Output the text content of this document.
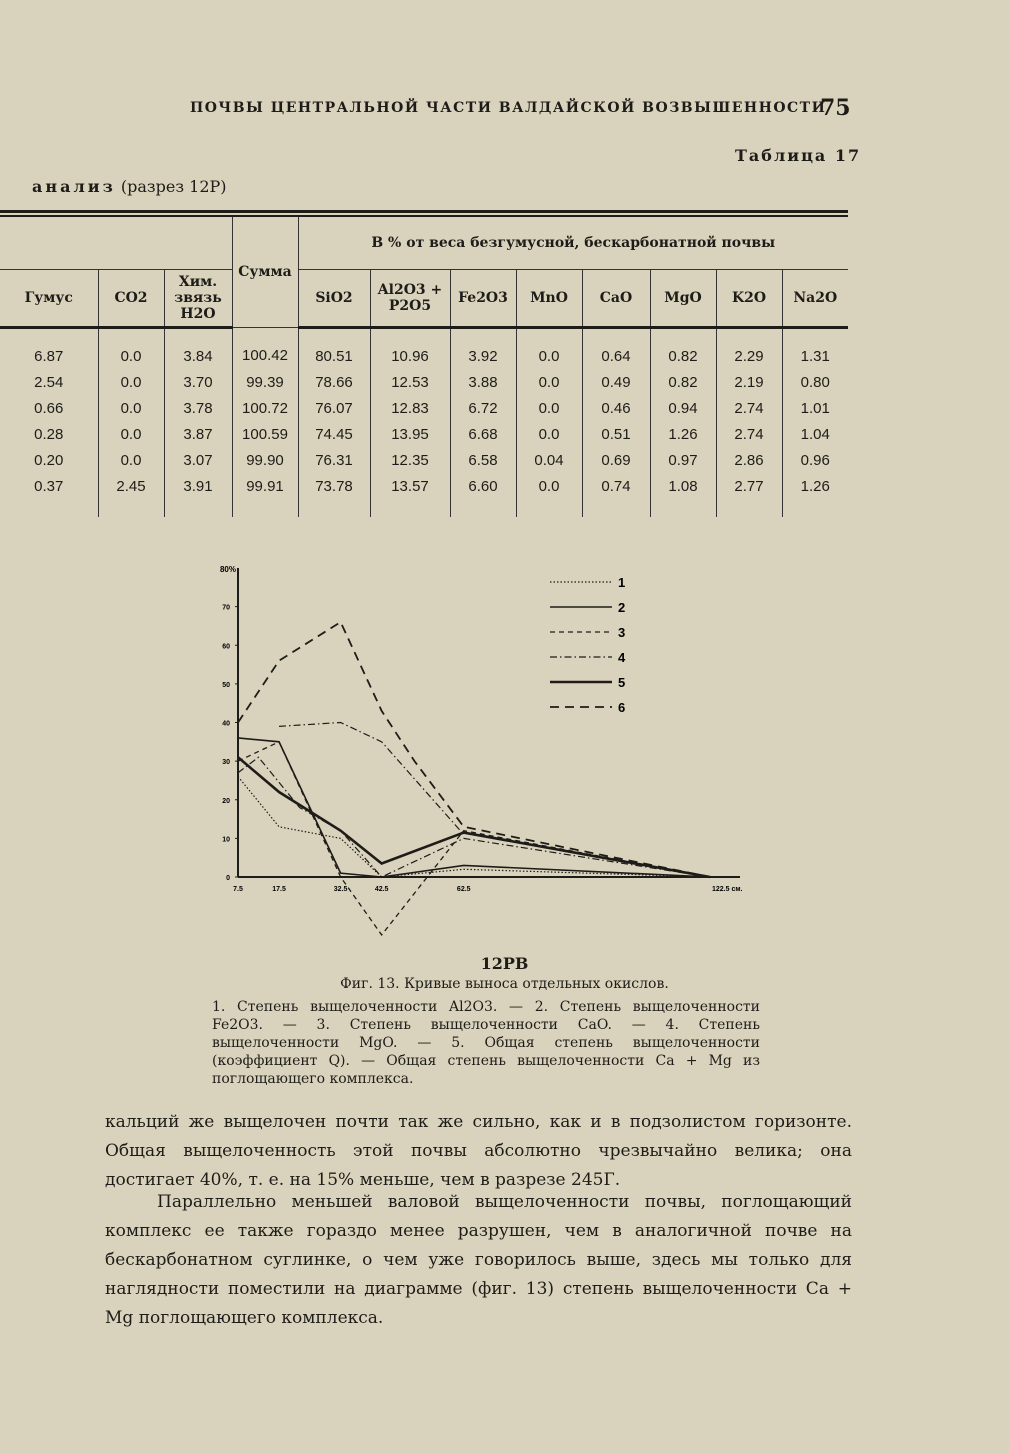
ПОЧВЫ ЦЕНТРАЛЬНОЙ ЧАСТИ ВАЛДАЙСКОЙ ВОЗВЫШЕННОСТИ
75
Таблица 17
анализ (разрез 12Р)
			Сумма	В % от веса безгумусной, бескарбонатной почвы							
Гумус	CO2	Хим. звязь H2O		SiO2	Al2O3 + P2O5	Fe2O3	MnO	CaO	MgO	K2O	Na2O
6.87	0.0	3.84	100.42	80.51	10.96	3.92	0.0	0.64	0.82	2.29	1.31
2.54	0.0	3.70	99.39	78.66	12.53	3.88	0.0	0.49	0.82	2.19	0.80
0.66	0.0	3.78	100.72	76.07	12.83	6.72	0.0	0.46	0.94	2.74	1.01
0.28	0.0	3.87	100.59	74.45	13.95	6.68	0.0	0.51	1.26	2.74	1.04
0.20	0.0	3.07	99.90	76.31	12.35	6.58	0.04	0.69	0.97	2.86	0.96
0.37	2.45	3.91	99.91	73.78	13.57	6.60	0.0	0.74	1.08	2.77	1.26
80%
0
10
20
30
40
50
60
70
7.5	17.5	32.5	42.5	62.5	122.5 см.
1
2
3
4
5
6
12РВ
Фиг. 13. Кривые выноса отдельных окислов.
1. Степень выщелоченности Al2O3. — 2. Степень выщелоченности Fe2O3. — 3. Степень выщелоченности CaO. — 4. Степень выщелоченности MgO. — 5. Общая степень выщелоченности (коэффициент Q). — Общая степень выщелоченности Ca + Mg из поглощающего комплекса.
кальций же выщелочен почти так же сильно, как и в подзолистом горизонте. Общая выщелоченность этой почвы абсолютно чрезвычайно велика; она достигает 40%, т. е. на 15% меньше, чем в разрезе 245Г.
Параллельно меньшей валовой выщелоченности почвы, поглощающий комплекс ее также гораздо менее разрушен, чем в аналогичной почве на бескарбонатном суглинке, о чем уже говорилось выше, здесь мы только для наглядности поместили на диаграмме (фиг. 13) степень выщелоченности Ca + Mg поглощающего комплекса.
